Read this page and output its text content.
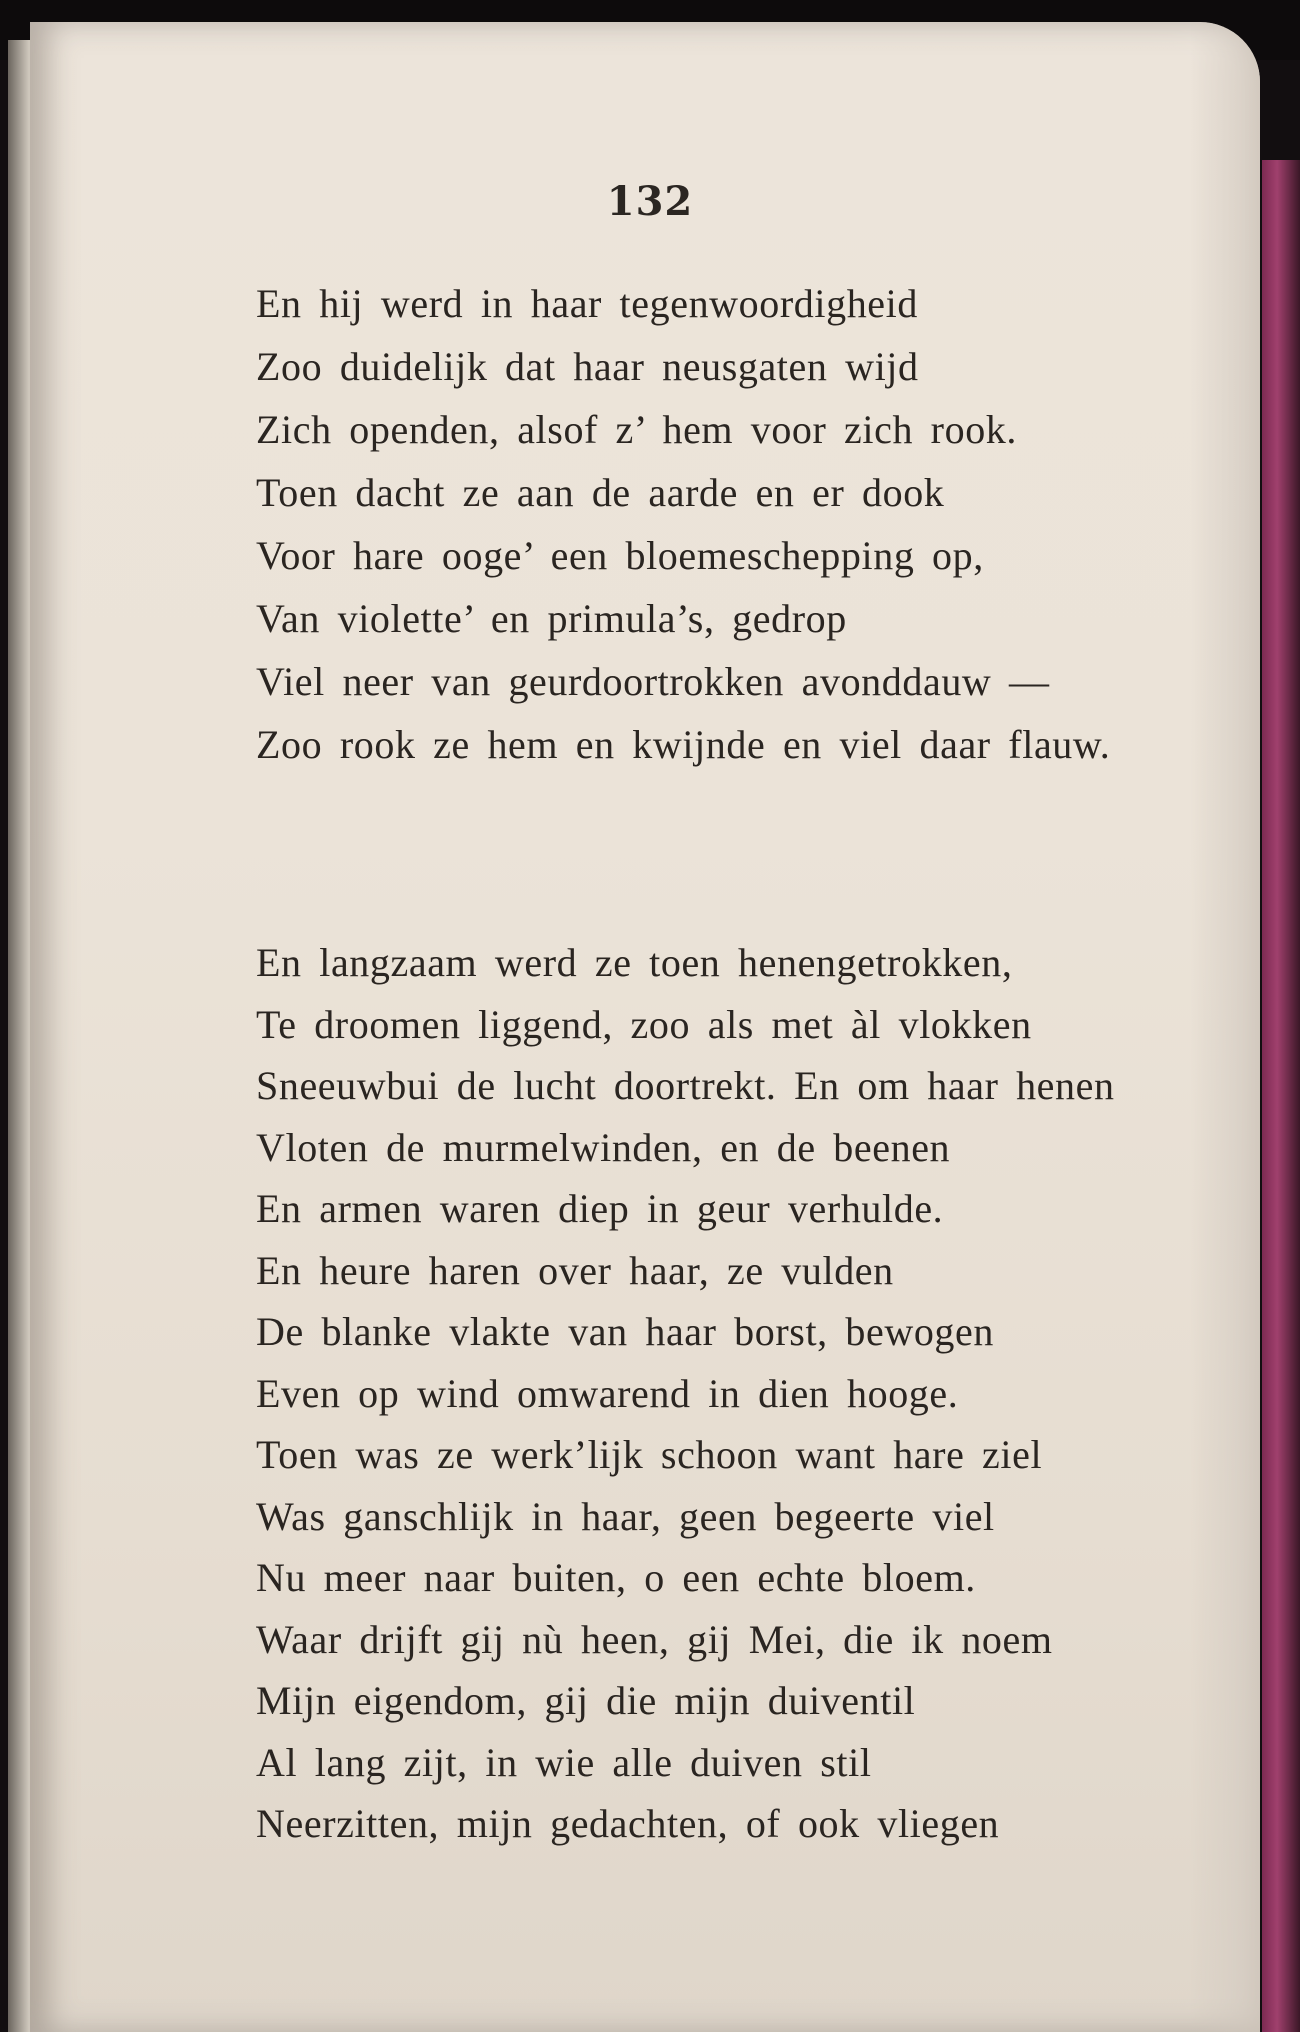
132
En hij werd in haar tegenwoordigheid
Zoo duidelijk dat haar neusgaten wijd
Zich openden, alsof z’ hem voor zich rook.
Toen dacht ze aan de aarde en er dook
Voor hare ooge’ een bloemeschepping op,
Van violette’ en primula’s, gedrop
Viel neer van geurdoortrokken avonddauw —
Zoo rook ze hem en kwijnde en viel daar flauw.
En langzaam werd ze toen henengetrokken,
Te droomen liggend, zoo als met àl vlokken
Sneeuwbui de lucht doortrekt. En om haar henen
Vloten de murmelwinden, en de beenen
En armen waren diep in geur verhulde.
En heure haren over haar, ze vulden
De blanke vlakte van haar borst, bewogen
Even op wind omwarend in dien hooge.
Toen was ze werk’lijk schoon want hare ziel
Was ganschlijk in haar, geen begeerte viel
Nu meer naar buiten, o een echte bloem.
Waar drijft gij nù heen, gij Mei, die ik noem
Mijn eigendom, gij die mijn duiventil
Al lang zijt, in wie alle duiven stil
Neerzitten, mijn gedachten, of ook vliegen
